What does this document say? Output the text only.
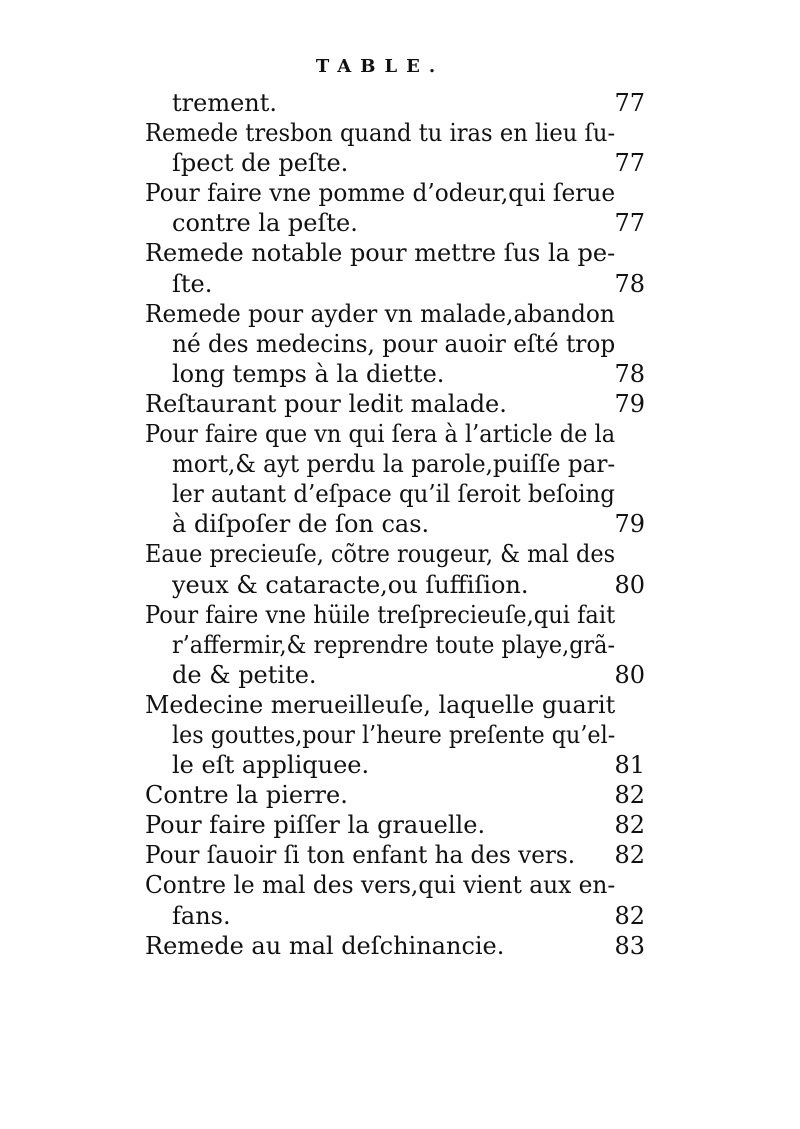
TABLE.
trement.	77
Remede tresbon quand tu iras en lieu ſu-
ſpect de peſte.	77
Pour faire vne pomme d’odeur,qui ſerue
contre la peſte.	77
Remede notable pour mettre ſus la pe-
ſte.	78
Remede pour ayder vn malade,abandon
né des medecins, pour auoir eſté trop
long temps à la diette.	78
Reſtaurant pour ledit malade.	79
Pour faire que vn qui ſera à l’article de la
mort,& ayt perdu la parole,puiſſe par-
ler autant d’eſpace qu’il ſeroit beſoing
à diſpoſer de ſon cas.	79
Eaue precieuſe, cõtre rougeur, & mal des
yeux & cataracte,ou ſuffiſion.	80
Pour faire vne hüile treſprecieuſe,qui fait
r’affermir,& reprendre toute playe,grã-
de & petite.	80
Medecine merueilleuſe, laquelle guarit
les gouttes,pour l’heure preſente qu’el-
le eſt appliquee.	81
Contre la pierre.	82
Pour faire piſſer la grauelle.	82
Pour ſauoir ſi ton enfant ha des vers. 82
Contre le mal des vers,qui vient aux en-
fans.	82
Remede au mal deſchinancie.	83
